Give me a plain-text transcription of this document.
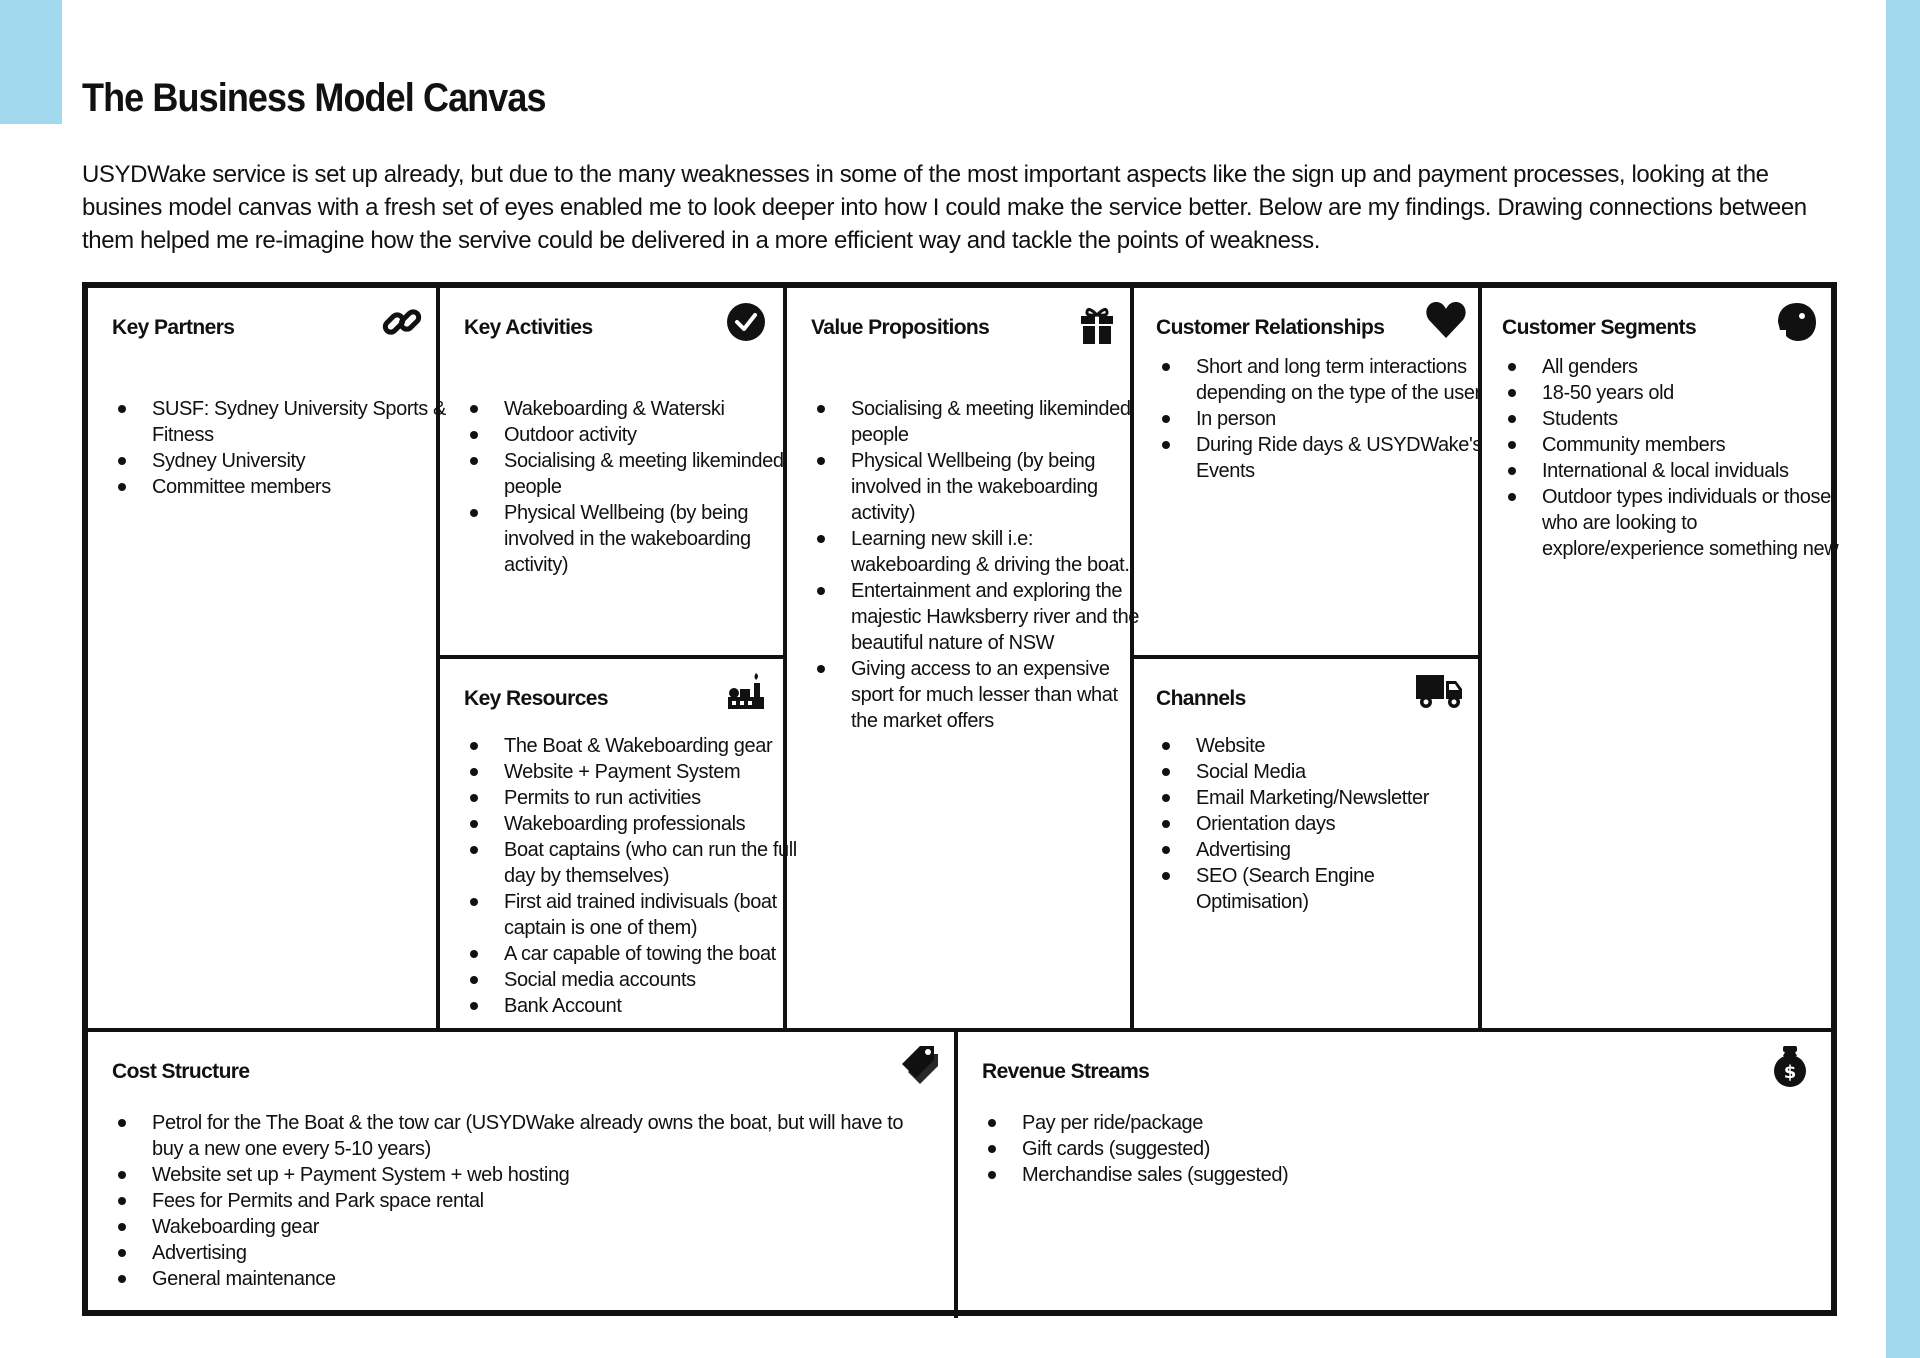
The Business Model Canvas

USYDWake service is set up already, but due to the many weaknesses in some of the most important aspects like the sign up and payment processes, looking at the busines model canvas with a fresh set of eyes enabled me to look deeper into how I could make the service better. Below are my findings. Drawing connections between them helped me re-imagine how the servive could be delivered in a more efficient way and tackle the points of weakness.

Key Partners
SUSF: Sydney University Sports & Fitness
Sydney University
Committee members
Key Activities
Wakeboarding & Waterski
Outdoor activity
Socialising & meeting likeminded people
Physical Wellbeing (by being involved in the wakeboarding activity)
Key Resources
The Boat & Wakeboarding gear
Website + Payment System
Permits to run activities
Wakeboarding professionals
Boat captains (who can run the full day by themselves)
First aid trained indivisuals (boat captain is one of them)
A car capable of towing the boat
Social media accounts
Bank Account
Value Propositions
Socialising & meeting likeminded people
Physical Wellbeing (by being involved in the wakeboarding activity)
Learning new skill i.e: wakeboarding & driving the boat.
Entertainment and exploring the majestic Hawksberry river and the beautiful nature of NSW
Giving access to an expensive sport for much lesser than what the market offers
Customer Relationships
Short and long term interactions depending on the type of the user
In person
During Ride days & USYDWake's Events
Channels
Website
Social Media
Email Marketing/Newsletter
Orientation days
Advertising
SEO (Search Engine Optimisation)
Customer Segments
All genders
18-50 years old
Students
Community members
International & local inviduals
Outdoor types individuals or those who are looking to explore/experience something new
Cost Structure
Petrol for the The Boat & the tow car (USYDWake already owns the boat, but will have to buy a new one every 5-10 years)
Website set up + Payment System + web hosting
Fees for Permits and Park space rental
Wakeboarding gear
Advertising
General maintenance
Revenue Streams	$
Pay per ride/package
Gift cards (suggested)
Merchandise sales (suggested)
